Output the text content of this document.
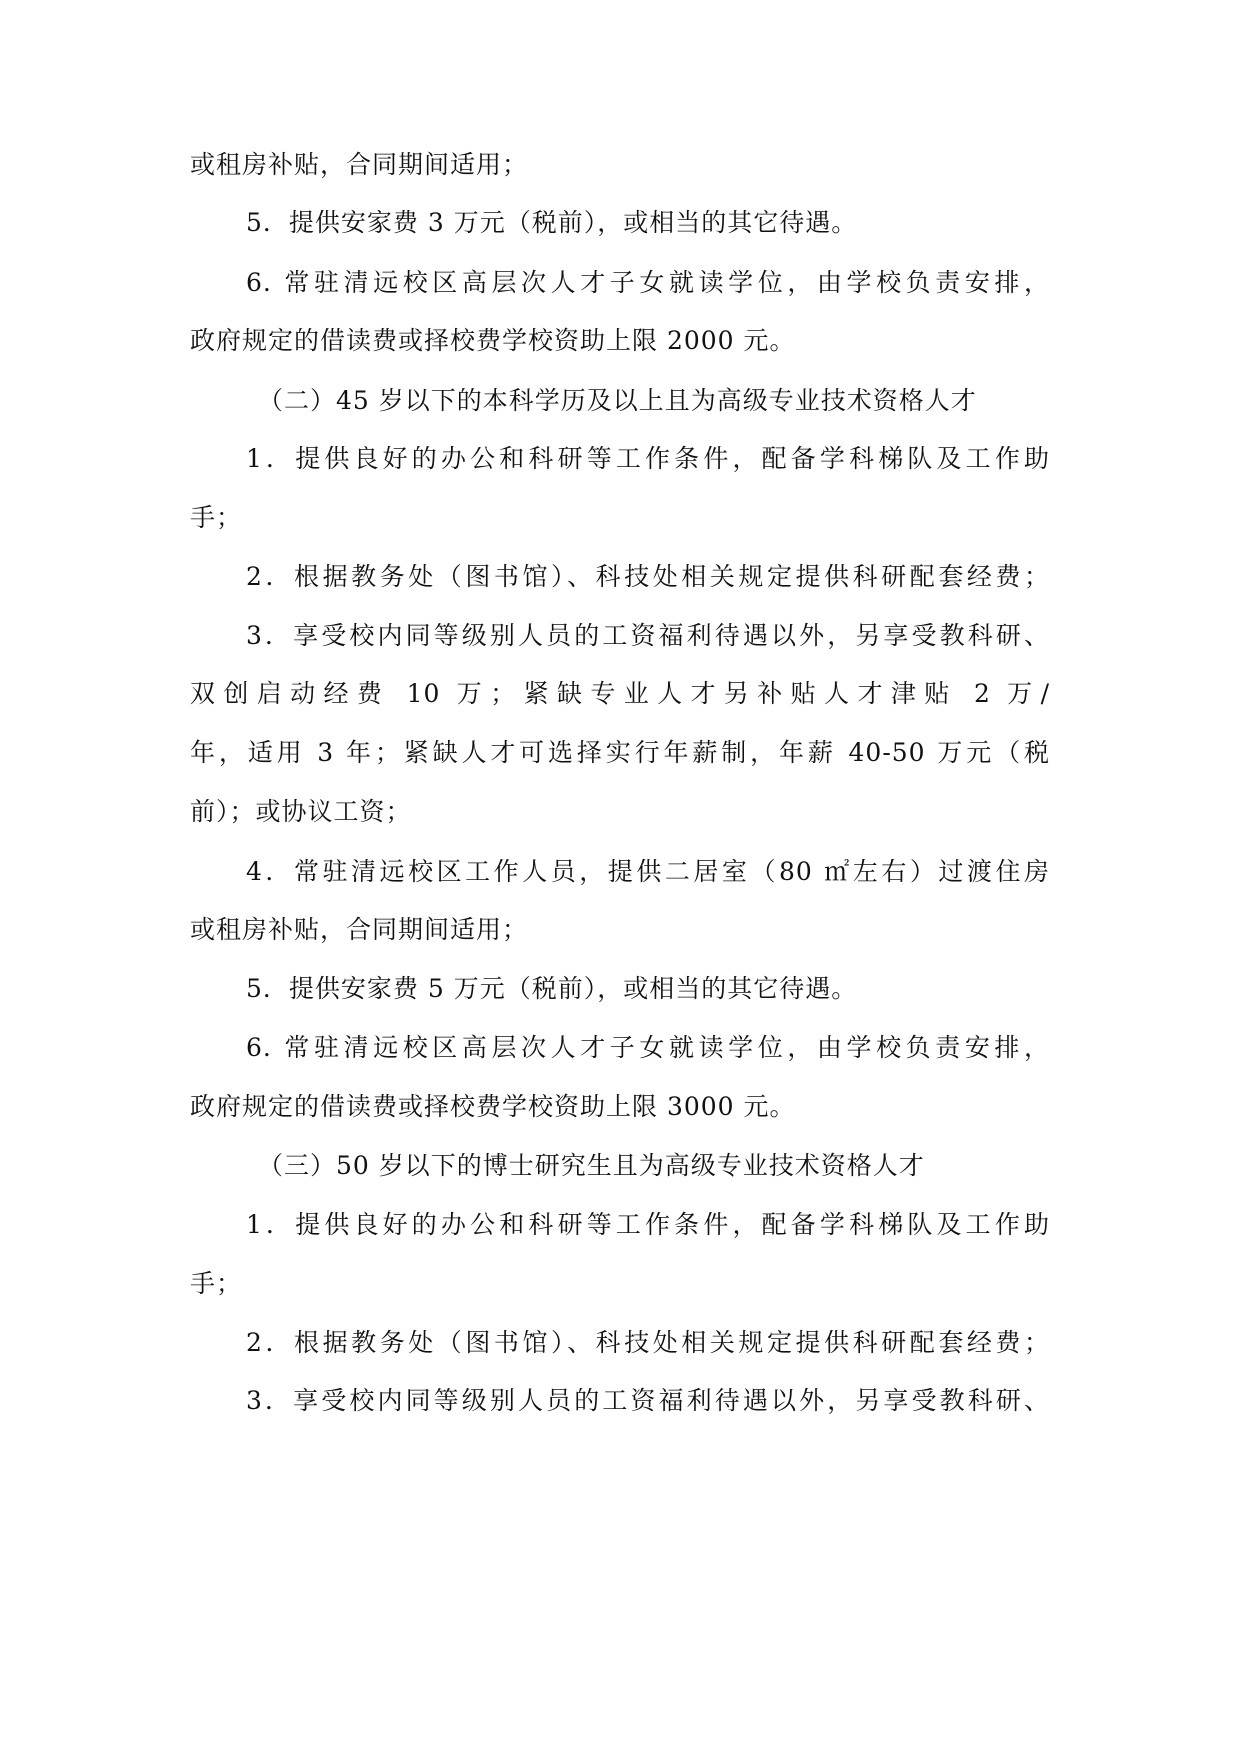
或租房补贴，合同期间适用；
5．提供安家费 3 万元（税前），或相当的其它待遇。
6. 常驻清远校区高层次人才子女就读学位，由学校负责安排，
政府规定的借读费或择校费学校资助上限 2000 元。
（二）45 岁以下的本科学历及以上且为高级专业技术资格人才
1．提供良好的办公和科研等工作条件，配备学科梯队及工作助
手；
2．根据教务处（图书馆）、科技处相关规定提供科研配套经费；
3．享受校内同等级别人员的工资福利待遇以外，另享受教科研、
双创启动经费 10 万；紧缺专业人才另补贴人才津贴 2 万/
年，适用 3 年；紧缺人才可选择实行年薪制，年薪 40-50 万元（税
前）；或协议工资；
4．常驻清远校区工作人员，提供二居室（80 ㎡左右）过渡住房
或租房补贴，合同期间适用；
5．提供安家费 5 万元（税前），或相当的其它待遇。
6. 常驻清远校区高层次人才子女就读学位，由学校负责安排，
政府规定的借读费或择校费学校资助上限 3000 元。
（三）50 岁以下的博士研究生且为高级专业技术资格人才
1．提供良好的办公和科研等工作条件，配备学科梯队及工作助
手；
2．根据教务处（图书馆）、科技处相关规定提供科研配套经费；
3．享受校内同等级别人员的工资福利待遇以外，另享受教科研、
